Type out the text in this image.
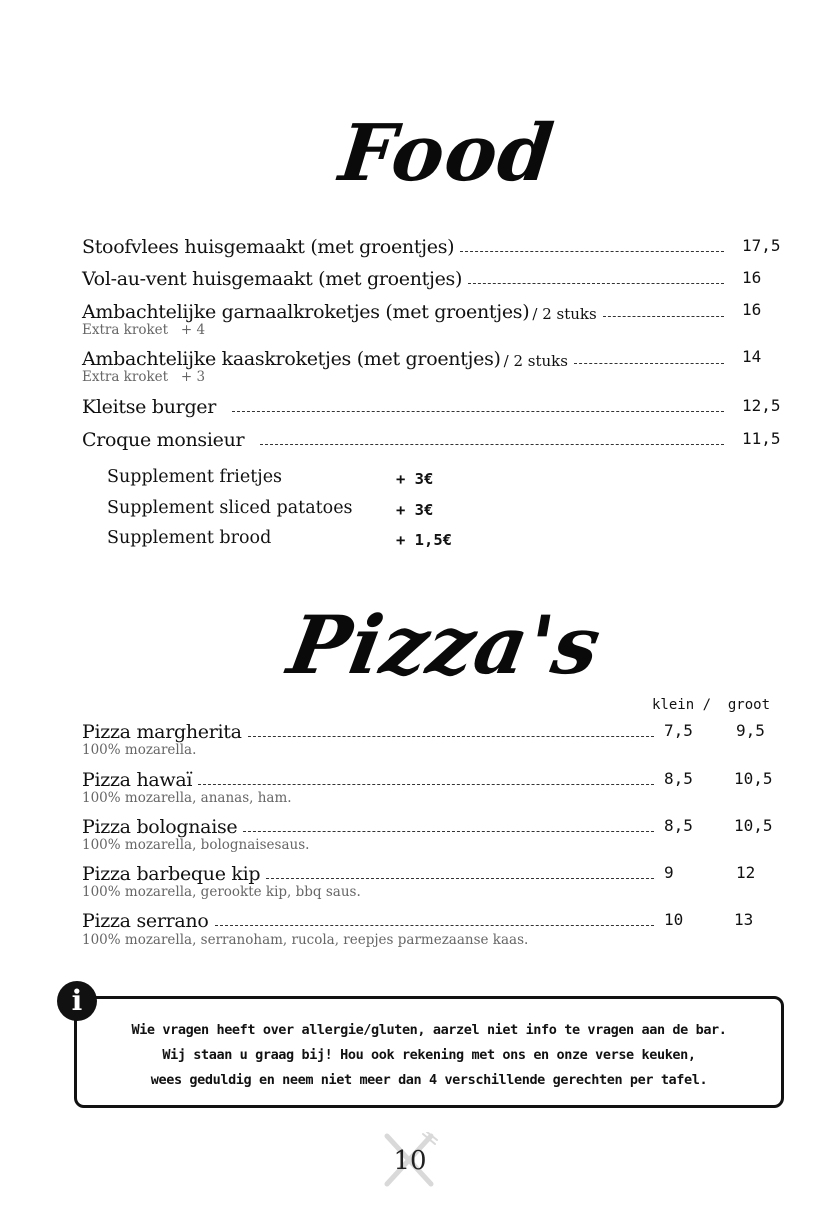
Food
Stoofvlees huisgemaakt (met groentjes)	17,5
Vol-au-vent huisgemaakt (met groentjes)	16
Ambachtelijke garnaalkroketjes (met groentjes) / 2 stuks	16
Extra kroket   + 4
Ambachtelijke kaaskroketjes (met groentjes) / 2 stuks	14
Extra kroket   + 3
Kleitse burger	12,5
Croque monsieur	11,5
Supplement frietjes	+ 3€
Supplement sliced patatoes	+ 3€
Supplement brood	+ 1,5€
Pizza's
klein /  groot
Pizza margherita	7,5	9,5
100% mozarella.
Pizza hawaï	8,5	10,5
100% mozarella, ananas, ham.
Pizza bolognaise	8,5	10,5
100% mozarella, bolognaisesaus.
Pizza barbeque kip	9	12
100% mozarella, gerookte kip, bbq saus.
Pizza serrano	10	13
100% mozarella, serranoham, rucola, reepjes parmezaanse kaas.
i
Wie vragen heeft over allergie/gluten, aarzel niet info te vragen aan de bar.
Wij staan u graag bij! Hou ook rekening met ons en onze verse keuken,
wees geduldig en neem niet meer dan 4 verschillende gerechten per tafel.
10
